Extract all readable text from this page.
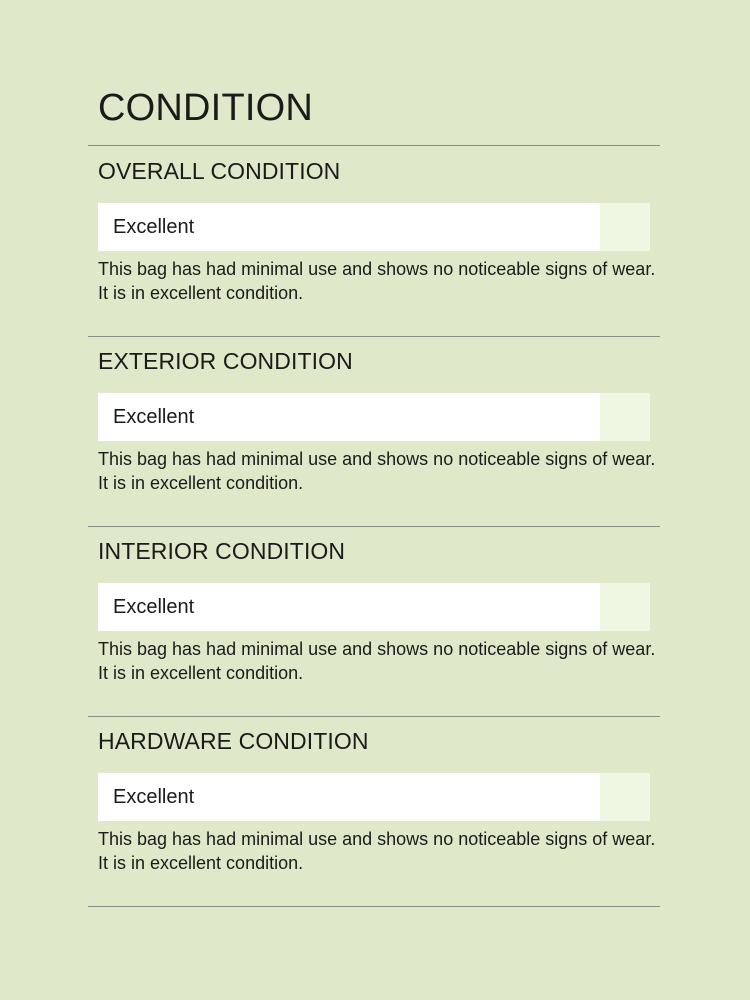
CONDITION
OVERALL CONDITION
Excellent
This bag has had minimal use and shows no noticeable signs of wear. It is in excellent condition.
EXTERIOR CONDITION
Excellent
This bag has had minimal use and shows no noticeable signs of wear. It is in excellent condition.
INTERIOR CONDITION
Excellent
This bag has had minimal use and shows no noticeable signs of wear. It is in excellent condition.
HARDWARE CONDITION
Excellent
This bag has had minimal use and shows no noticeable signs of wear. It is in excellent condition.
